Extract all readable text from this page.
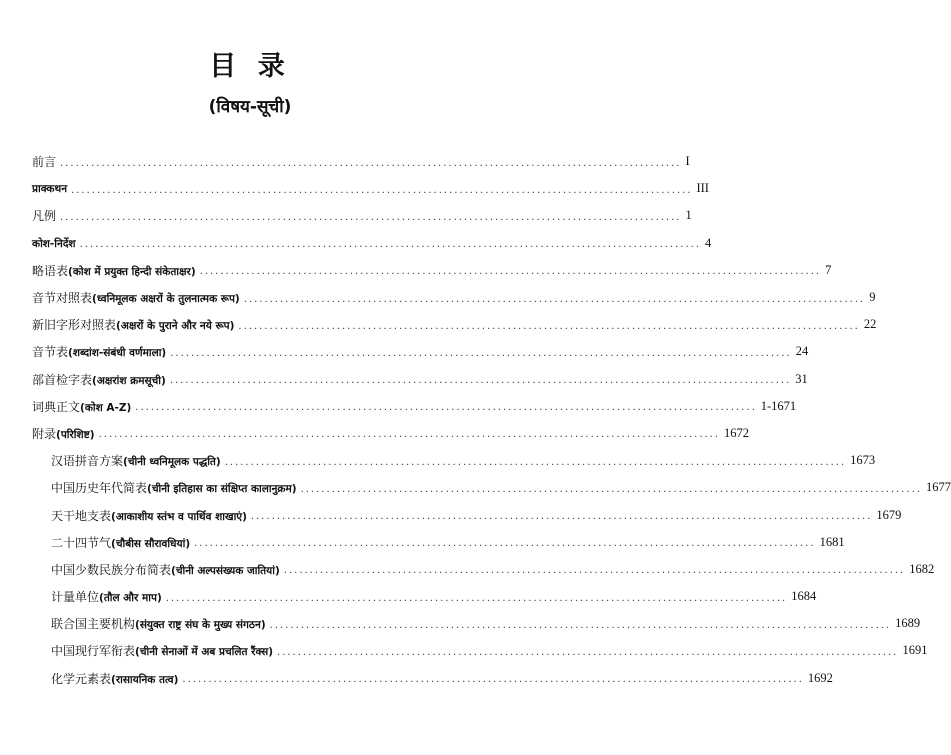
目 录
(विषय-सूची)
前言 ........................................................................................................................ I
प्राक्कथन ........................................................................................................................ III
凡例 ........................................................................................................................ 1
कोश-निर्देश ........................................................................................................................ 4
略语表(कोश में प्रयुक्त हिन्दी संकेताक्षर) ........................................................................................................................ 7
音节对照表(ध्वनिमूलक अक्षरों के तुलनात्मक रूप) ........................................................................................................................ 9
新旧字形对照表(अक्षरों के पुराने और नये रूप) ........................................................................................................................ 22
音节表(शब्दांश-संबंधी वर्णमाला) ........................................................................................................................ 24
部首检字表(अक्षरांश क्रमसूची) ........................................................................................................................ 31
词典正文(कोश A-Z) ........................................................................................................................ 1-1671
附录(परिशिष्ट) ........................................................................................................................ 1672
汉语拼音方案(चीनी ध्वनिमूलक पद्धति) ........................................................................................................................ 1673
中国历史年代简表(चीनी इतिहास का संक्षिप्त कालानुक्रम) ........................................................................................................................ 1677
天干地支表(आकाशीय स्तंभ व पार्थिव शाखाएं) ........................................................................................................................ 1679
二十四节气(चौबीस सौरावधियां) ........................................................................................................................ 1681
中国少数民族分布简表(चीनी अल्पसंख्यक जातियां) ........................................................................................................................ 1682
计量单位(तौल और माप) ........................................................................................................................ 1684
联合国主要机构(संयुक्त राष्ट्र संघ के मुख्य संगठन) ........................................................................................................................ 1689
中国现行军衔表(चीनी सेनाओं में अब प्रचलित रैंक्स) ........................................................................................................................ 1691
化学元素表(रासायनिक तत्व) ........................................................................................................................ 1692
